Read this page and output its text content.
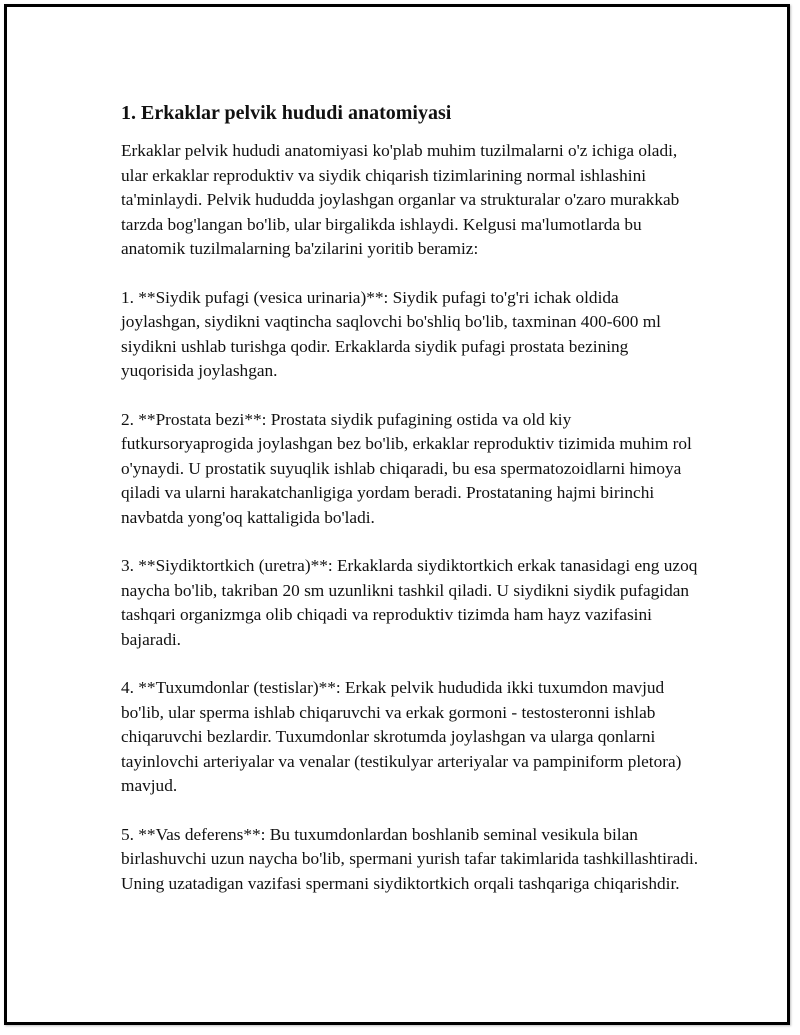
1. Erkaklar pelvik hududi anatomiyasi

Erkaklar pelvik hududi anatomiyasi ko'plab muhim tuzilmalarni o'z ichiga oladi, ular erkaklar reproduktiv va siydik chiqarish tizimlarining normal ishlashini ta'minlaydi. Pelvik hududda joylashgan organlar va strukturalar o'zaro murakkab tarzda bog'langan bo'lib, ular birgalikda ishlaydi. Kelgusi ma'lumotlarda bu anatomik tuzilmalarning ba'zilarini yoritib beramiz:

1. **Siydik pufagi (vesica urinaria)**: Siydik pufagi to'g'ri ichak oldida joylashgan, siydikni vaqtincha saqlovchi bo'shliq bo'lib, taxminan 400-600 ml siydikni ushlab turishga qodir. Erkaklarda siydik pufagi prostata bezining yuqorisida joylashgan.

2. **Prostata bezi**: Prostata siydik pufagining ostida va old kiy futkursoryaprogida joylashgan bez bo'lib, erkaklar reproduktiv tizimida muhim rol o'ynaydi. U prostatik suyuqlik ishlab chiqaradi, bu esa spermatozoidlarni himoya qiladi va ularni harakatchanligiga yordam beradi. Prostataning hajmi birinchi navbatda yong'oq kattaligida bo'ladi.

3. **Siydiktortkich (uretra)**: Erkaklarda siydiktortkich erkak tanasidagi eng uzoq naycha bo'lib, takriban 20 sm uzunlikni tashkil qiladi. U siydikni siydik pufagidan tashqari organizmga olib chiqadi va reproduktiv tizimda ham hayz vazifasini bajaradi.

4. **Tuxumdonlar (testislar)**: Erkak pelvik hududida ikki tuxumdon mavjud bo'lib, ular sperma ishlab chiqaruvchi va erkak gormoni - testosteronni ishlab chiqaruvchi bezlardir. Tuxumdonlar skrotumda joylashgan va ularga qonlarni tayinlovchi arteriyalar va venalar (testikulyar arteriyalar va pampiniform pletora) mavjud.

5. **Vas deferens**: Bu tuxumdonlardan boshlanib seminal vesikula bilan birlashuvchi uzun naycha bo'lib, spermani yurish tafar takimlarida tashkillashtiradi. Uning uzatadigan vazifasi spermani siydiktortkich orqali tashqariga chiqarishdir.
